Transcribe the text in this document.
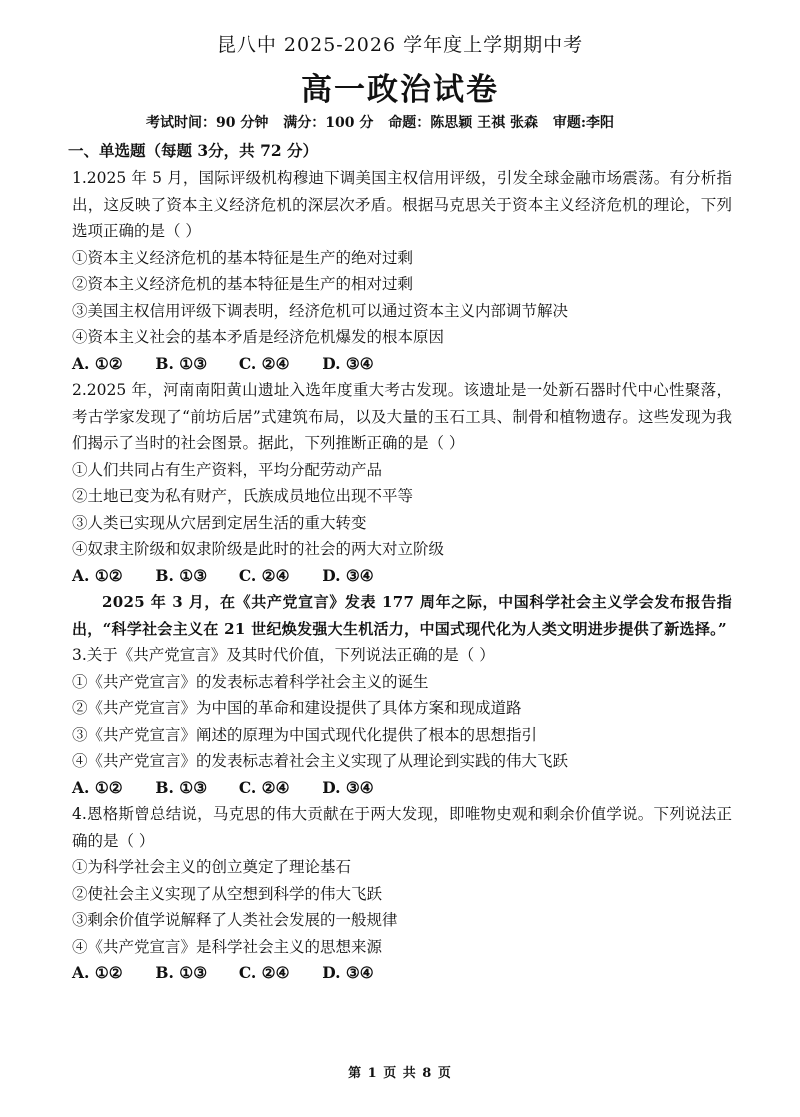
昆八中 2025-2026 学年度上学期期中考
高一政治试卷
考试时间：90 分钟 满分：100 分 命题：陈思颖 王祺 张森 审题:李阳
一、单选题（每题 3分，共 72 分）
1.2025 年 5 月，国际评级机构穆迪下调美国主权信用评级，引发全球金融市场震荡。有分析指出，这反映了资本主义经济危机的深层次矛盾。根据马克思关于资本主义经济危机的理论，下列选项正确的是（ ）
①资本主义经济危机的基本特征是生产的绝对过剩
②资本主义经济危机的基本特征是生产的相对过剩
③美国主权信用评级下调表明，经济危机可以通过资本主义内部调节解决
④资本主义社会的基本矛盾是经济危机爆发的根本原因
A. ①② B. ①③ C. ②④ D. ③④
2.2025 年，河南南阳黄山遗址入选年度重大考古发现。该遗址是一处新石器时代中心性聚落，考古学家发现了“前坊后居”式建筑布局，以及大量的玉石工具、制骨和植物遗存。这些发现为我们揭示了当时的社会图景。据此，下列推断正确的是（ ）
①人们共同占有生产资料，平均分配劳动产品
②土地已变为私有财产，氏族成员地位出现不平等
③人类已实现从穴居到定居生活的重大转变
④奴隶主阶级和奴隶阶级是此时的社会的两大对立阶级
A. ①② B. ①③ C. ②④ D. ③④
2025 年 3 月，在《共产党宣言》发表 177 周年之际，中国科学社会主义学会发布报告指出，“科学社会主义在 21 世纪焕发强大生机活力，中国式现代化为人类文明进步提供了新选择。”
3.关于《共产党宣言》及其时代价值，下列说法正确的是（ ）
①《共产党宣言》的发表标志着科学社会主义的诞生
②《共产党宣言》为中国的革命和建设提供了具体方案和现成道路
③《共产党宣言》阐述的原理为中国式现代化提供了根本的思想指引
④《共产党宣言》的发表标志着社会主义实现了从理论到实践的伟大飞跃
A. ①② B. ①③ C. ②④ D. ③④
4.恩格斯曾总结说，马克思的伟大贡献在于两大发现，即唯物史观和剩余价值学说。下列说法正确的是（ ）
①为科学社会主义的创立奠定了理论基石
②使社会主义实现了从空想到科学的伟大飞跃
③剩余价值学说解释了人类社会发展的一般规律
④《共产党宣言》是科学社会主义的思想来源
A. ①② B. ①③ C. ②④ D. ③④
第 1 页 共 8 页
